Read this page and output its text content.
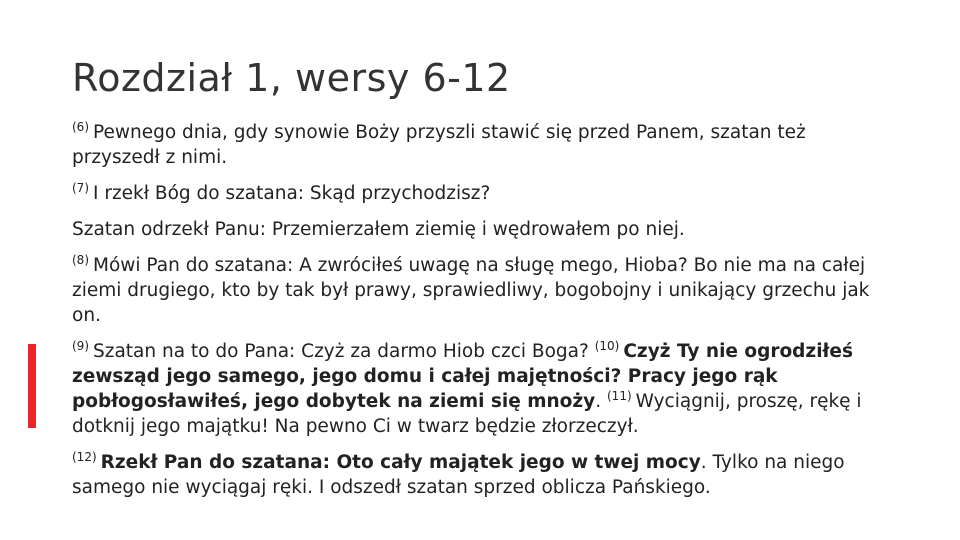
Rozdział 1, wersy 6-12

$^{(6)}$ Pewnego dnia, gdy synowie Boży przyszli stawić się przed Panem, szatan też przyszedł z nimi.

$^{(7)}$ I rzekł Bóg do szatana: Skąd przychodzisz?

Szatan odrzekł Panu: Przemierzałem ziemię i wędrowałem po niej.

$^{(8)}$ Mówi Pan do szatana: A zwróciłeś uwagę na sługę mego, Hioba? Bo nie ma na całej ziemi drugiego, kto by tak był prawy, sprawiedliwy, bogobojny i unikający grzechu jak on.

$^{(9)}$ Szatan na to do Pana: Czyż za darmo Hiob czci Boga? $^{(10)}$ Czyż Ty nie ogrodziłeś zewsząd jego samego, jego domu i całej majętności? Pracy jego rąk pobłogosławiłeś, jego dobytek na ziemi się mnoży. $^{(11)}$ Wyciągnij, proszę, rękę i dotknij jego majątku! Na pewno Ci w twarz będzie złorzeczył.

$^{(12)}$ Rzekł Pan do szatana: Oto cały majątek jego w twej mocy. Tylko na niego samego nie wyciągaj ręki. I odszedł szatan sprzed oblicza Pańskiego.
